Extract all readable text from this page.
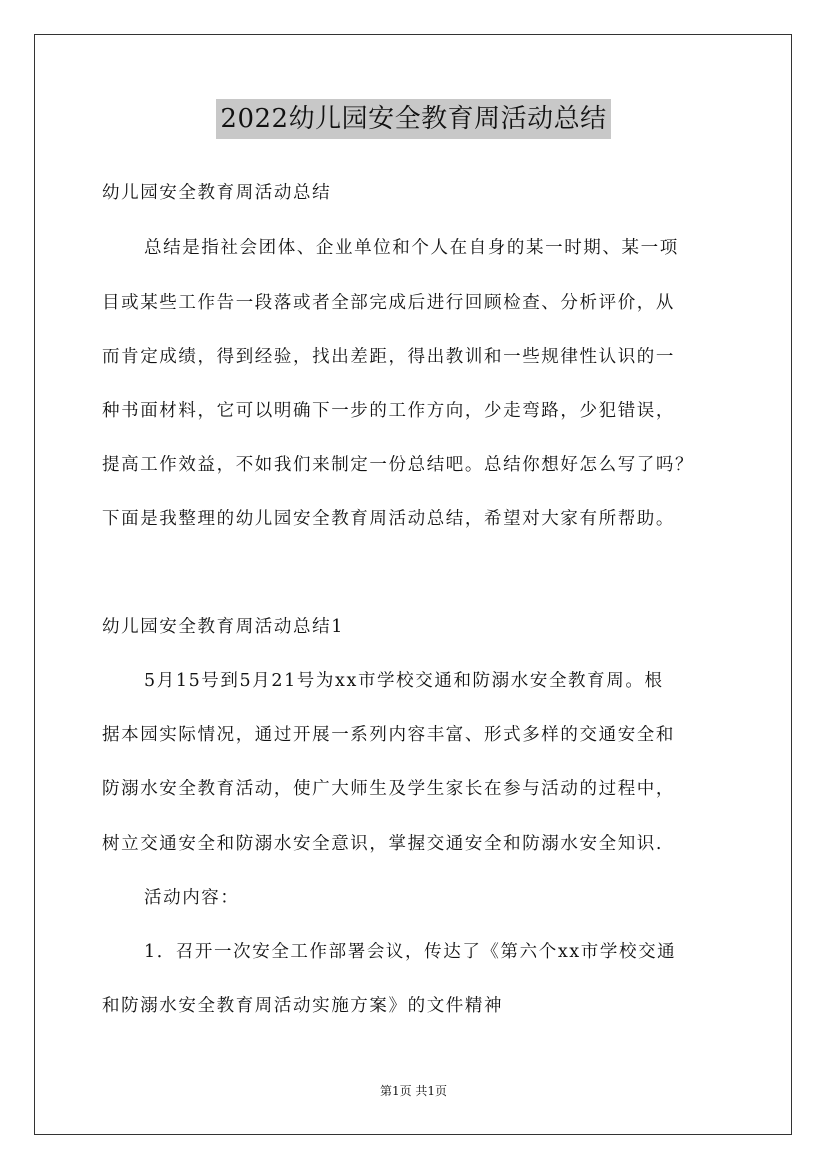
2022幼儿园安全教育周活动总结
幼儿园安全教育周活动总结
总结是指社会团体、企业单位和个人在自身的某一时期、某一项
目或某些工作告一段落或者全部完成后进行回顾检查、分析评价，从
而肯定成绩，得到经验，找出差距，得出教训和一些规律性认识的一
种书面材料，它可以明确下一步的工作方向，少走弯路，少犯错误，
提高工作效益，不如我们来制定一份总结吧。总结你想好怎么写了吗？
下面是我整理的幼儿园安全教育周活动总结，希望对大家有所帮助。
幼儿园安全教育周活动总结1
5月15号到5月21号为xx市学校交通和防溺水安全教育周。根
据本园实际情况，通过开展一系列内容丰富、形式多样的交通安全和
防溺水安全教育活动，使广大师生及学生家长在参与活动的过程中，
树立交通安全和防溺水安全意识，掌握交通安全和防溺水安全知识.
活动内容：
1．召开一次安全工作部署会议，传达了《第六个xx市学校交通
和防溺水安全教育周活动实施方案》的文件精神
第1页 共1页
